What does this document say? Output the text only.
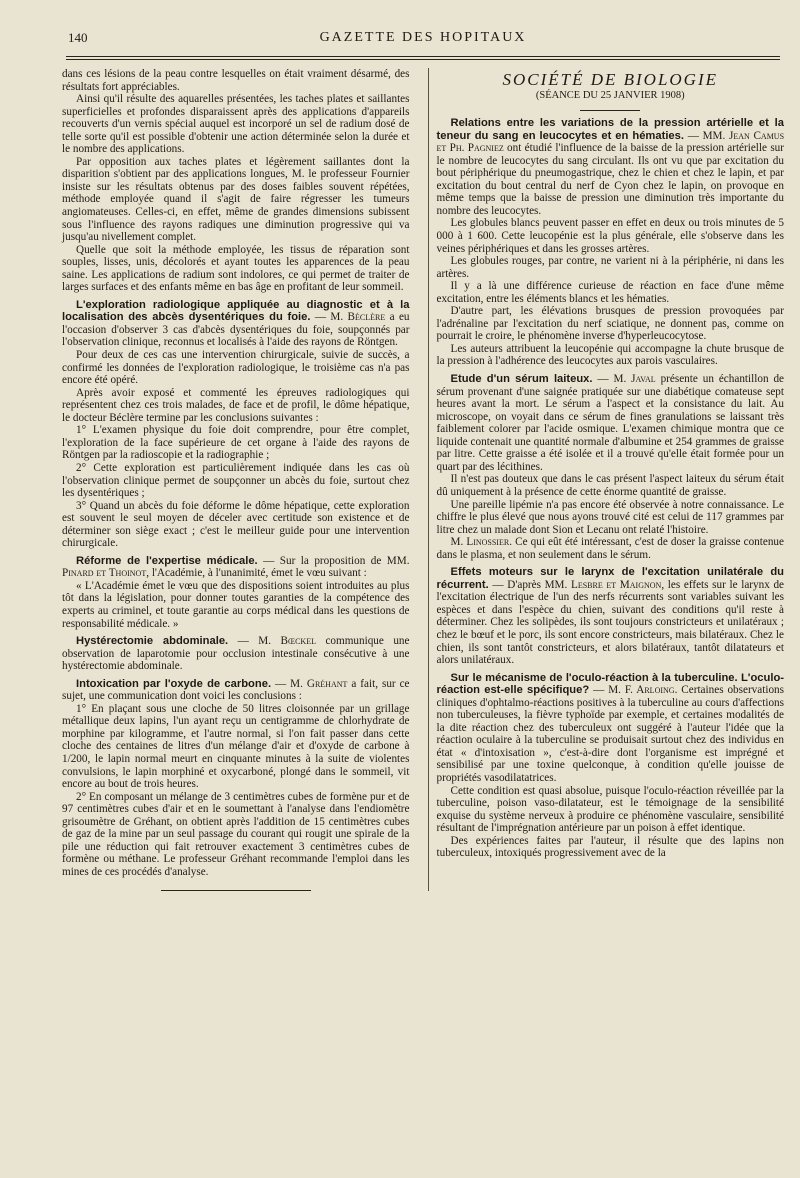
140	GAZETTE DES HOPITAUX

dans ces lésions de la peau contre lesquelles on était vraiment désarmé, des résultats fort appréciables.

Ainsi qu'il résulte des aquarelles présentées, les taches plates et saillantes superficielles et profondes disparaissent après des applications d'appareils recouverts d'un vernis spécial auquel est incorporé un sel de radium dosé de telle sorte qu'il est possible d'obtenir une action déterminée selon la durée et le nombre des applications.

Par opposition aux taches plates et légèrement saillantes dont la disparition s'obtient par des applications longues, M. le professeur Fournier insiste sur les résultats obtenus par des doses faibles souvent répétées, méthode employée quand il s'agit de faire régresser les tumeurs angiomateuses. Celles-ci, en effet, même de grandes dimensions subissent sous l'influence des rayons radiques une diminution progressive qui va jusqu'au nivellement complet.

Quelle que soit la méthode employée, les tissus de réparation sont souples, lisses, unis, décolorés et ayant toutes les apparences de la peau saine. Les applications de radium sont indolores, ce qui permet de traiter de larges surfaces et des enfants même en bas âge en profitant de leur sommeil.

L'exploration radiologique appliquée au diagnostic et à la localisation des abcès dysentériques du foie. — M. Béclère a eu l'occasion d'observer 3 cas d'abcès dysentériques du foie, soupçonnés par l'observation clinique, reconnus et localisés à l'aide des rayons de Röntgen.

Pour deux de ces cas une intervention chirurgicale, suivie de succès, a confirmé les données de l'exploration radiologique, le troisième cas n'a pas encore été opéré.

Après avoir exposé et commenté les épreuves radiologiques qui représentent chez ces trois malades, de face et de profil, le dôme hépatique, le docteur Béclère termine par les conclusions suivantes :

1° L'examen physique du foie doit comprendre, pour être complet, l'exploration de la face supérieure de cet organe à l'aide des rayons de Röntgen par la radioscopie et la radiographie ;

2° Cette exploration est particulièrement indiquée dans les cas où l'observation clinique permet de soupçonner un abcès du foie, surtout chez les dysentériques ;

3° Quand un abcès du foie déforme le dôme hépatique, cette exploration est souvent le seul moyen de déceler avec certitude son existence et de déterminer son siège exact ; c'est le meilleur guide pour une intervention chirurgicale.

Réforme de l'expertise médicale. — Sur la proposition de MM. Pinard et Thoinot, l'Académie, à l'unanimité, émet le vœu suivant :

« L'Académie émet le vœu que des dispositions soient introduites au plus tôt dans la législation, pour donner toutes garanties de la compétence des experts au criminel, et toute garantie au corps médical dans les questions de responsabilité médicale. »

Hystérectomie abdominale. — M. Bœckel communique une observation de laparotomie pour occlusion intestinale consécutive à une hystérectomie abdominale.

Intoxication par l'oxyde de carbone. — M. Gréhant a fait, sur ce sujet, une communication dont voici les conclusions :

1° En plaçant sous une cloche de 50 litres cloisonnée par un grillage métallique deux lapins, l'un ayant reçu un centigramme de chlorhydrate de morphine par kilogramme, et l'autre normal, si l'on fait passer dans cette cloche des centaines de litres d'un mélange d'air et d'oxyde de carbone à 1/200, le lapin normal meurt en cinquante minutes à la suite de violentes convulsions, le lapin morphiné et oxycarboné, plongé dans le sommeil, vit encore au bout de trois heures.

2° En composant un mélange de 3 centimètres cubes de formène pur et de 97 centimètres cubes d'air et en le soumettant à l'analyse dans l'endiomètre grisoumètre de Gréhant, on obtient après l'addition de 15 centimètres cubes de gaz de la mine par un seul passage du courant qui rougit une spirale de la pile une réduction qui fait retrouver exactement 3 centimètres cubes de formène ou méthane. Le professeur Gréhant recommande l'emploi dans les mines de ces procédés d'analyse.

SOCIÉTÉ DE BIOLOGIE
(SÉANCE DU 25 JANVIER 1908)

Relations entre les variations de la pression artérielle et la teneur du sang en leucocytes et en hématies. — MM. Jean Camus et Ph. Pagniez ont étudié l'influence de la baisse de la pression artérielle sur le nombre de leucocytes du sang circulant. Ils ont vu que par excitation du bout périphérique du pneumogastrique, chez le chien et chez le lapin, et par excitation du bout central du nerf de Cyon chez le lapin, on provoque en même temps que la baisse de pression une diminution très importante du nombre des leucocytes.

Les globules blancs peuvent passer en effet en deux ou trois minutes de 5 000 à 1 600. Cette leucopénie est la plus générale, elle s'observe dans les veines périphériques et dans les grosses artères.

Les globules rouges, par contre, ne varient ni à la périphérie, ni dans les artères.

Il y a là une différence curieuse de réaction en face d'une même excitation, entre les éléments blancs et les hématies.

D'autre part, les élévations brusques de pression provoquées par l'adrénaline par l'excitation du nerf sciatique, ne donnent pas, comme on pourrait le croire, le phénomène inverse d'hyperleucocytose.

Les auteurs attribuent la leucopénie qui accompagne la chute brusque de la pression à l'adhérence des leucocytes aux parois vasculaires.

Etude d'un sérum laiteux. — M. Javal présente un échantillon de sérum provenant d'une saignée pratiquée sur une diabétique comateuse sept heures avant la mort. Le sérum a l'aspect et la consistance du lait. Au microscope, on voyait dans ce sérum de fines granulations se laissant très faiblement colorer par l'acide osmique. L'examen chimique montra que ce liquide contenait une quantité normale d'albumine et 254 grammes de graisse par litre. Cette graisse a été isolée et il a trouvé qu'elle était formée pour un quart par des lécithines.

Il n'est pas douteux que dans le cas présent l'aspect laiteux du sérum était dû uniquement à la présence de cette énorme quantité de graisse.

Une pareille lipémie n'a pas encore été observée à notre connaissance. Le chiffre le plus élevé que nous ayons trouvé cité est celui de 117 grammes par litre chez un malade dont Sion et Lecanu ont relaté l'histoire.

M. Linossier. Ce qui eût été intéressant, c'est de doser la graisse contenue dans le plasma, et non seulement dans le sérum.

Effets moteurs sur le larynx de l'excitation unilatérale du récurrent. — D'après MM. Lesbre et Maignon, les effets sur le larynx de l'excitation électrique de l'un des nerfs récurrents sont variables suivant les espèces et dans l'espèce du chien, suivant des conditions qu'il reste à déterminer. Chez les solipèdes, ils sont toujours constricteurs et unilatéraux ; chez le bœuf et le porc, ils sont encore constricteurs, mais bilatéraux. Chez le chien, ils sont tantôt constricteurs, et alors bilatéraux, tantôt dilatateurs et alors unilatéraux.

Sur le mécanisme de l'oculo-réaction à la tuberculine. L'oculo-réaction est-elle spécifique? — M. F. Arloing. Certaines observations cliniques d'ophtalmo-réactions positives à la tuberculine au cours d'affections non tuberculeuses, la fièvre typhoïde par exemple, et certaines modalités de la dite réaction chez des tuberculeux ont suggéré à l'auteur l'idée que la réaction oculaire à la tuberculine se produisait surtout chez des individus en état « d'intoxisation », c'est-à-dire dont l'organisme est imprégné et sensibilisé par une toxine quelconque, à condition qu'elle jouisse de propriétés vasodilatatrices.

Cette condition est quasi absolue, puisque l'oculo-réaction réveillée par la tuberculine, poison vaso-dilatateur, est le témoignage de la sensibilité exquise du système nerveux à produire ce phénomène vasculaire, sensibilité résultant de l'imprégnation antérieure par un poison à effet identique.

Des expériences faites par l'auteur, il résulte que des lapins non tuberculeux, intoxiqués progressivement avec de la
